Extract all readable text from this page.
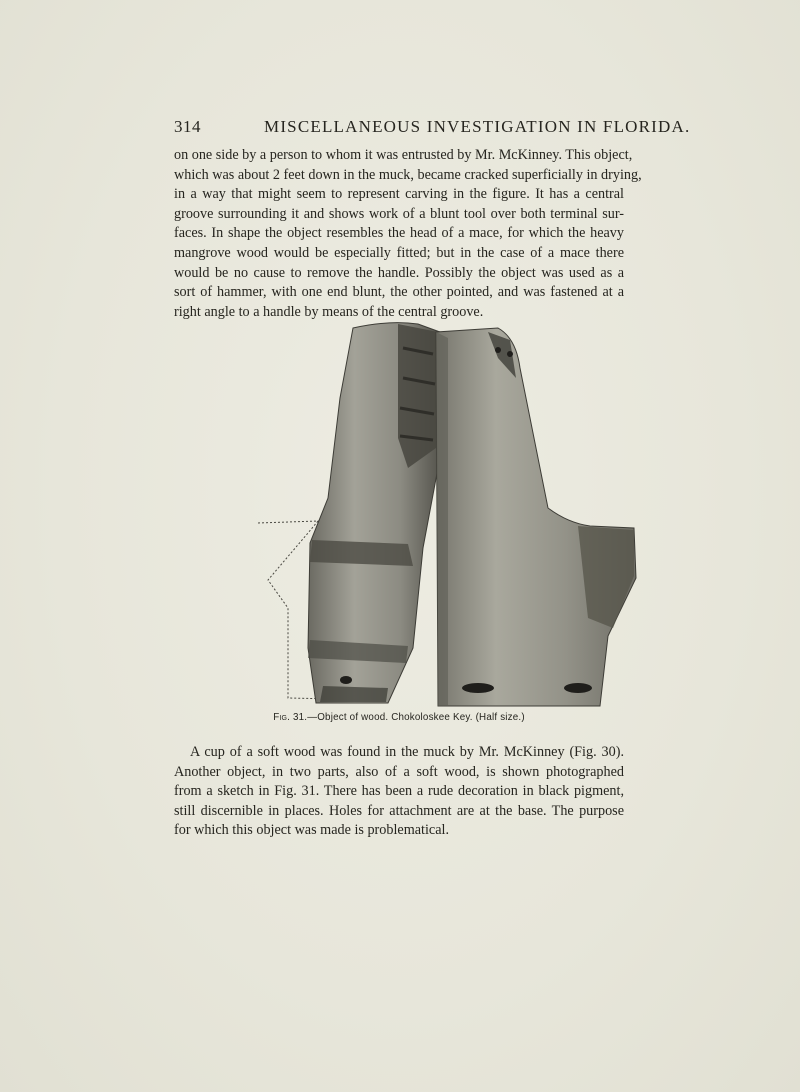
314	MISCELLANEOUS INVESTIGATION IN FLORIDA.
on one side by a person to whom it was entrusted by Mr. McKinney. This object,
which was about 2 feet down in the muck, became cracked superficially in drying,
in a way that might seem to represent carving in the figure. It has a central
groove surrounding it and shows work of a blunt tool over both terminal sur-
faces. In shape the object resembles the head of a mace, for which the heavy
mangrove wood would be especially fitted; but in the case of a mace there
would be no cause to remove the handle. Possibly the object was used as a
sort of hammer, with one end blunt, the other pointed, and was fastened at a
right angle to a handle by means of the central groove.
Fig. 31.—Object of wood. Chokoloskee Key. (Half size.)
A cup of a soft wood was found in the muck by Mr. McKinney (Fig. 30).
Another object, in two parts, also of a soft wood, is shown photographed
from a sketch in Fig. 31. There has been a rude decoration in black pigment,
still discernible in places. Holes for attachment are at the base. The purpose
for which this object was made is problematical.
